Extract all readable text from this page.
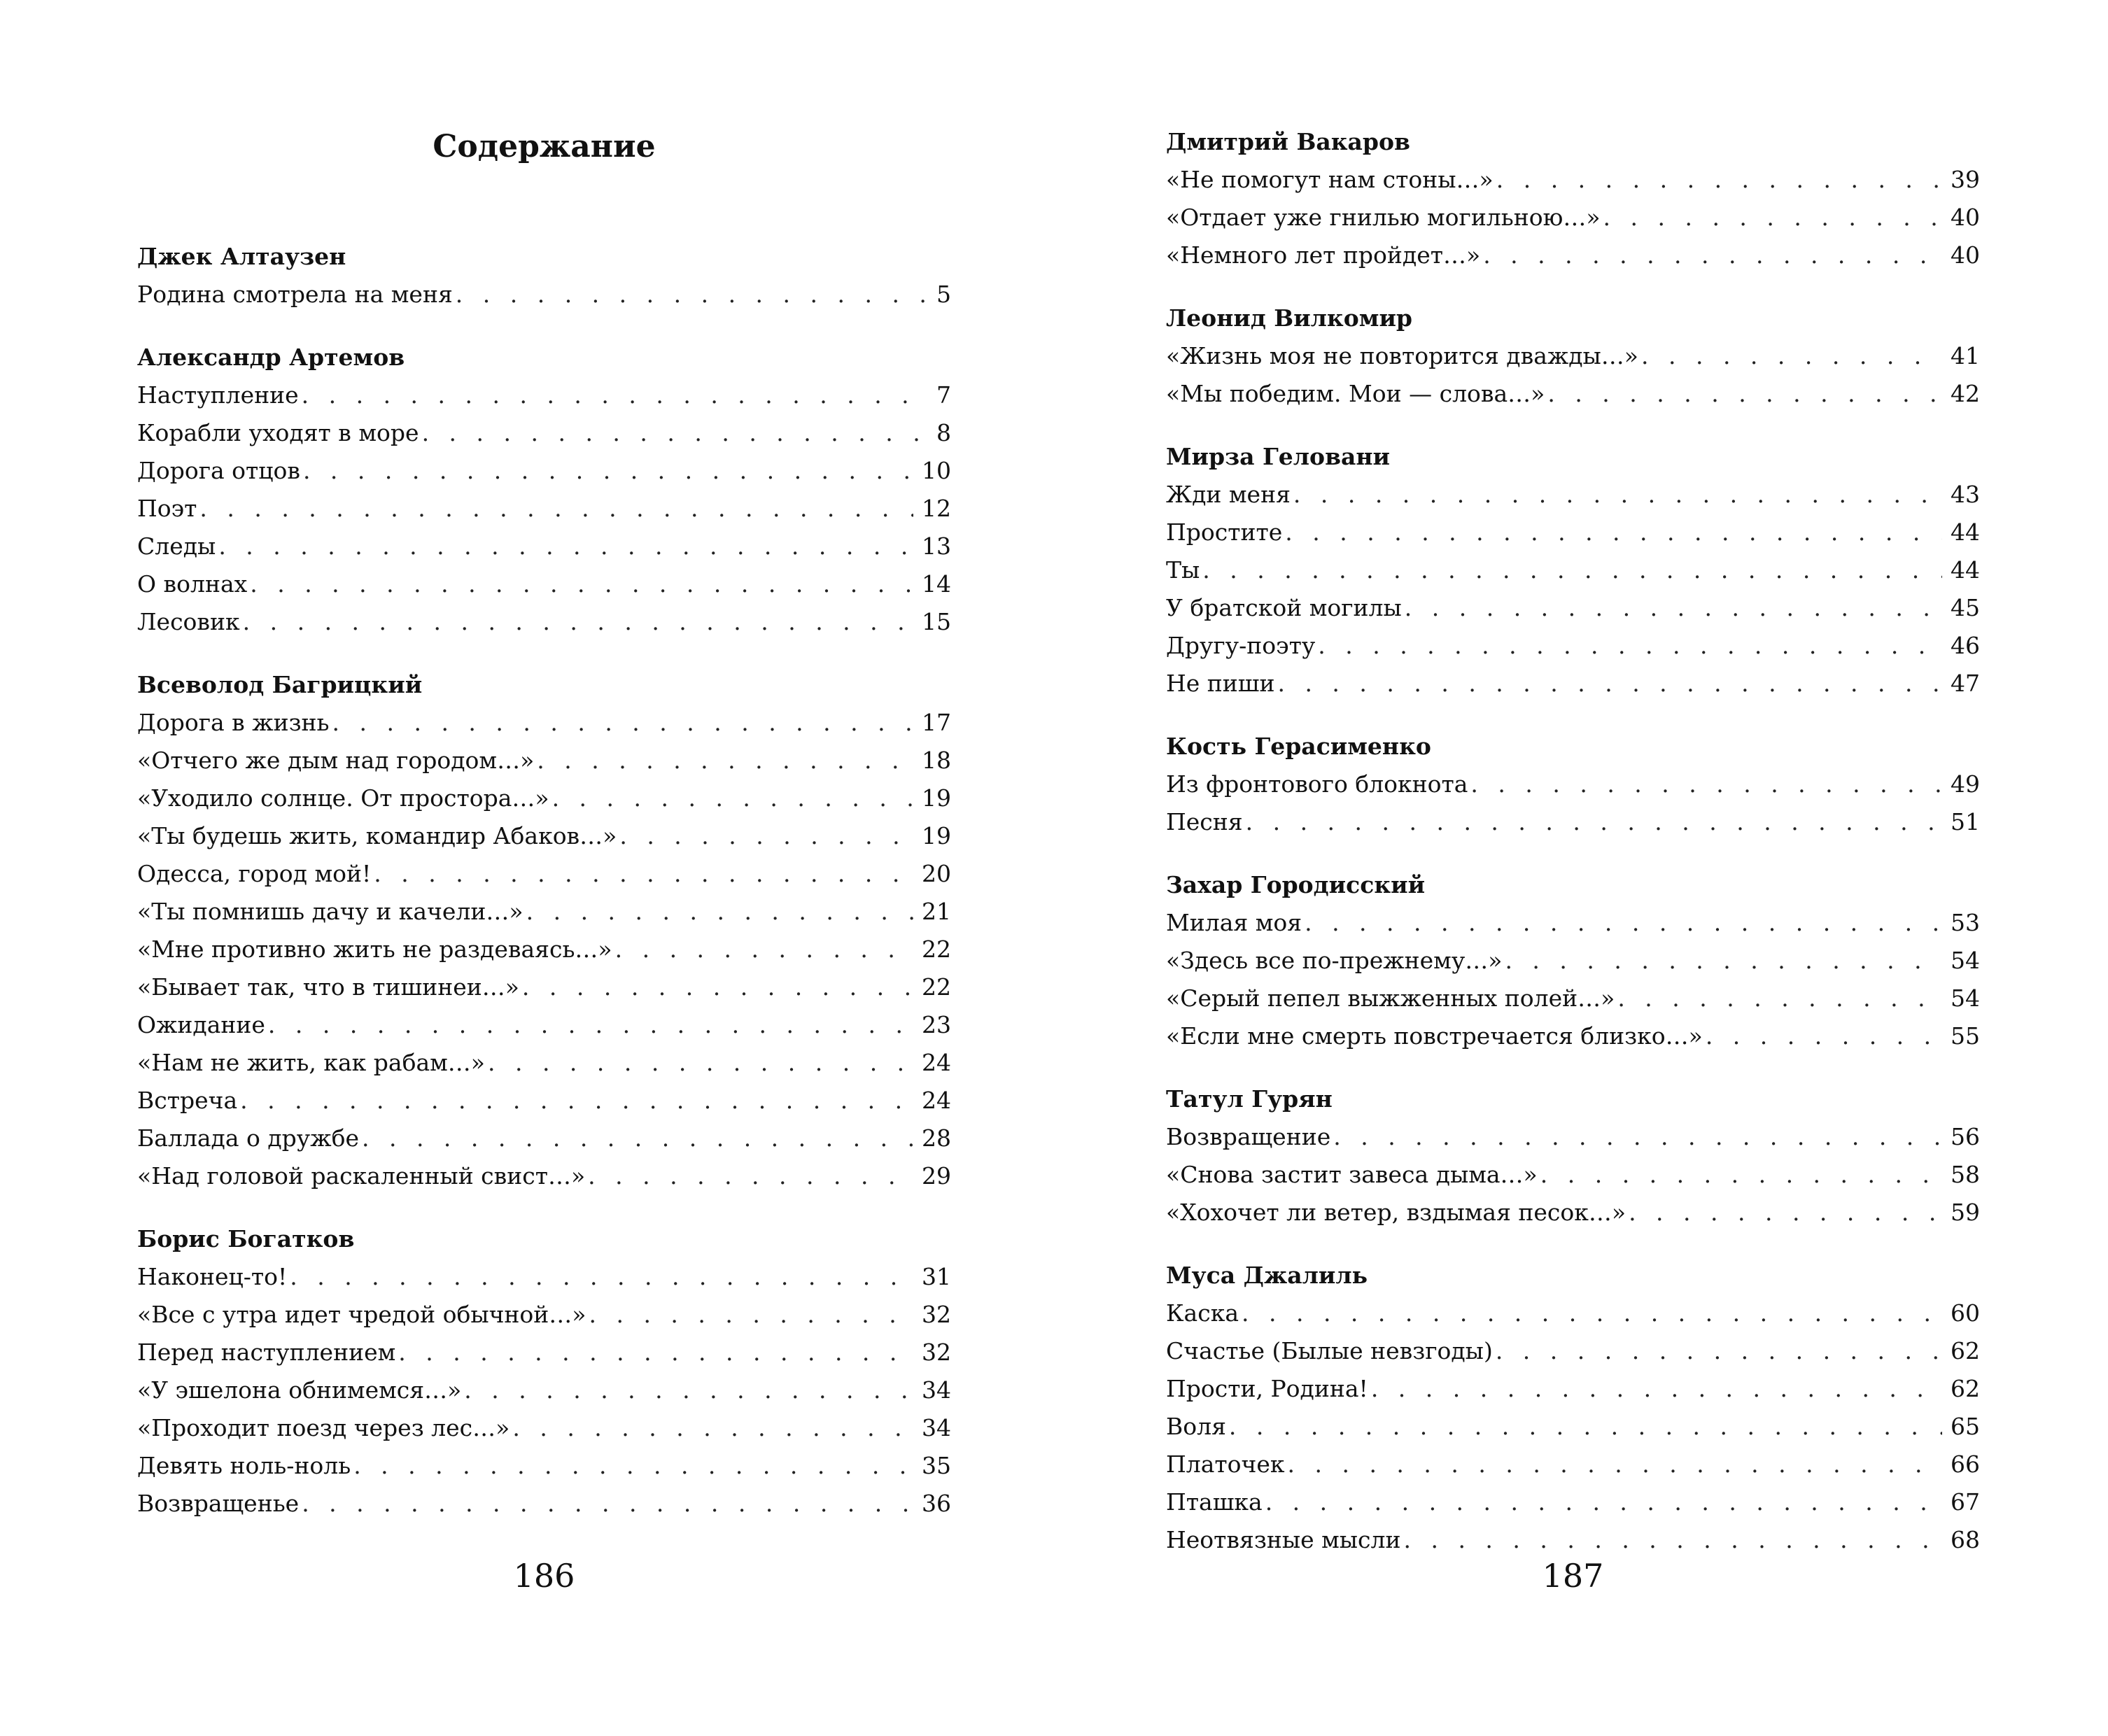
Содержание
Джек Алтаузен
Родина смотрела на меня . . .	5
Александр Артемов
Наступление . . .	7
Корабли уходят в море . . .	8
Дорога отцов . . .	10
Поэт . . .	12
Следы . . .	13
О волнах . . .	14
Лесовик . . .	15
Всеволод Багрицкий
Дорога в жизнь . . .	17
«Отчего же дым над городом…» . . .	18
«Уходило солнце. От простора…» . . .	19
«Ты будешь жить, командир Абаков…» . . .	19
Одесса, город мой! . . .	20
«Ты помнишь дачу и качели…» . . .	21
«Мне противно жить не раздеваясь…» . . .	22
«Бывает так, что в тишинеи…» . . .	22
Ожидание . . .	23
«Нам не жить, как рабам…» . . .	24
Встреча . . .	24
Баллада о дружбе . . .	28
«Над головой раскаленный свист…» . . .	29
Борис Богатков
Наконец-то! . . .	31
«Все с утра идет чредой обычной…» . . .	32
Перед наступлением . . .	32
«У эшелона обнимемся…» . . .	34
«Проходит поезд через лес…» . . .	34
Девять ноль-ноль . . .	35
Возвращенье . . .	36
186
Дмитрий Вакаров
«Не помогут нам стоны…» . . .	39
«Отдает уже гнилью могильною…» . . .	40
«Немного лет пройдет…» . . .	40
Леонид Вилкомир
«Жизнь моя не повторится дважды…» . . .	41
«Мы победим. Мои — слова…» . . .	42
Мирза Геловани
Жди меня . . .	43
Простите . . .	44
Ты . . .	44
У братской могилы . . .	45
Другу-поэту . . .	46
Не пиши . . .	47
Кость Герасименко
Из фронтового блокнота . . .	49
Песня . . .	51
Захар Городисский
Милая моя . . .	53
«Здесь все по-прежнему…» . . .	54
«Серый пепел выжженных полей…» . . .	54
«Если мне смерть повстречается близко…» . . .	55
Татул Гурян
Возвращение . . .	56
«Снова застит завеса дыма…» . . .	58
«Хохочет ли ветер, вздымая песок…» . . .	59
Муса Джалиль
Каска . . .	60
Счастье (Былые невзгоды) . . .	62
Прости, Родина! . . .	62
Воля . . .	65
Платочек . . .	66
Пташка . . .	67
Неотвязные мысли . . .	68
187
